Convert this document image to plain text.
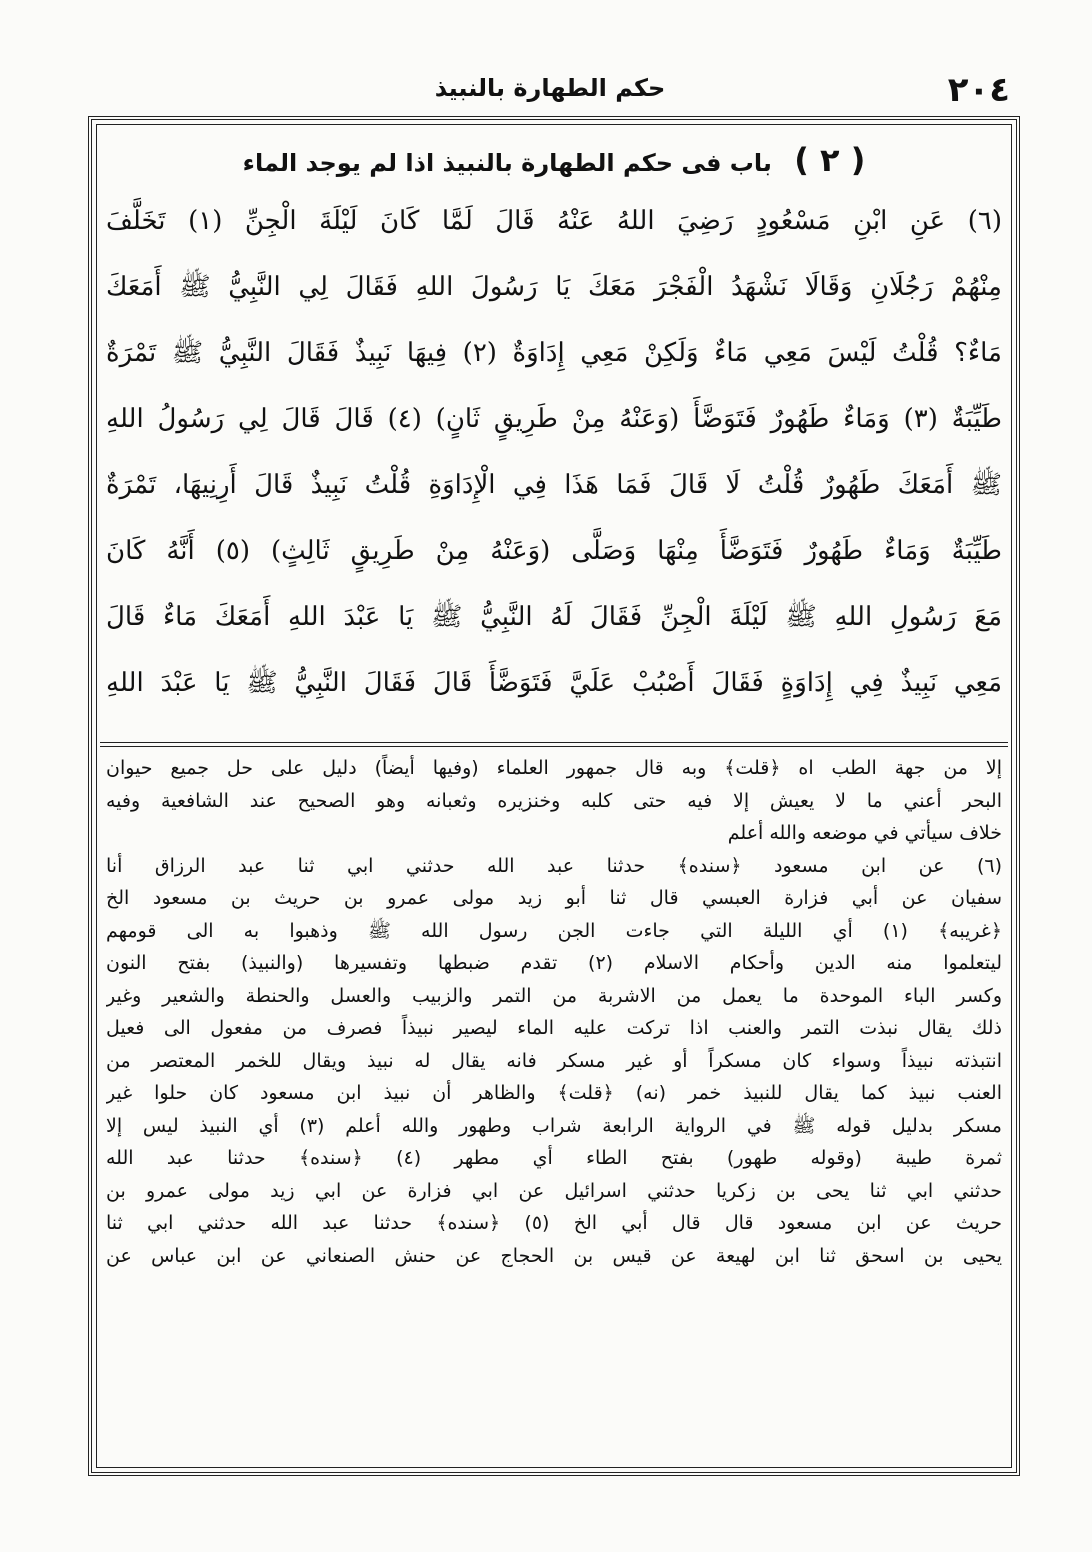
٢٠٤
حكم الطهارة بالنبيذ
( ٢ ) باب فى حكم الطهارة بالنبيذ اذا لم يوجد الماء
(٦) عَنِ ابْنِ مَسْعُودٍ رَضِيَ اللهُ عَنْهُ قَالَ لَمَّا كَانَ لَيْلَةَ الْجِنِّ (١) تَخَلَّفَ
مِنْهُمْ رَجُلَانِ وَقَالَا نَشْهَدُ الْفَجْرَ مَعَكَ يَا رَسُولَ اللهِ فَقَالَ لِي النَّبِيُّ ﷺ أَمَعَكَ
مَاءٌ؟ قُلْتُ لَيْسَ مَعِي مَاءٌ وَلَكِنْ مَعِي إِدَاوَةٌ (٢) فِيهَا نَبِيذٌ فَقَالَ النَّبِيُّ ﷺ تَمْرَةٌ
طَيِّبَةٌ (٣) وَمَاءٌ طَهُورٌ فَتَوَضَّأَ (وَعَنْهُ مِنْ طَرِيقٍ ثَانٍ) (٤) قَالَ قَالَ لِي رَسُولُ اللهِ
ﷺ أَمَعَكَ طَهُورٌ قُلْتُ لَا قَالَ فَمَا هَذَا فِي الْإِدَاوَةِ قُلْتُ نَبِيذٌ قَالَ أَرِنِيهَا، تَمْرَةٌ
طَيِّبَةٌ وَمَاءٌ طَهُورٌ فَتَوَضَّأَ مِنْهَا وَصَلَّى (وَعَنْهُ مِنْ طَرِيقٍ ثَالِثٍ) (٥) أَنَّهُ كَانَ
مَعَ رَسُولِ اللهِ ﷺ لَيْلَةَ الْجِنِّ فَقَالَ لَهُ النَّبِيُّ ﷺ يَا عَبْدَ اللهِ أَمَعَكَ مَاءٌ قَالَ
مَعِي نَبِيذٌ فِي إِدَاوَةٍ فَقَالَ أَصْبُبْ عَلَيَّ فَتَوَضَّأَ قَالَ فَقَالَ النَّبِيُّ ﷺ يَا عَبْدَ اللهِ
إلا من جهة الطب اه ﴿قلت﴾ وبه قال جمهور العلماء (وفيها أيضاً) دليل على حل جميع حيوان
البحر أعني ما لا يعيش إلا فيه حتى كلبه وخنزيره وثعبانه وهو الصحيح عند الشافعية وفيه
خلاف سيأتي في موضعه والله أعلم
(٦) عن ابن مسعود ﴿سنده﴾ حدثنا عبد الله حدثني ابي ثنا عبد الرزاق أنا
سفيان عن أبي فزارة العبسي قال ثنا أبو زيد مولى عمرو بن حريث بن مسعود الخ
﴿غريبه﴾ (١) أي الليلة التي جاءت الجن رسول الله ﷺ وذهبوا به الى قومهم
ليتعلموا منه الدين وأحكام الاسلام (٢) تقدم ضبطها وتفسيرها (والنبيذ) بفتح النون
وكسر الباء الموحدة ما يعمل من الاشربة من التمر والزبيب والعسل والحنطة والشعير وغير
ذلك يقال نبذت التمر والعنب اذا تركت عليه الماء ليصير نبيذاً فصرف من مفعول الى فعيل
انتبذته نبيذاً وسواء كان مسكراً أو غير مسكر فانه يقال له نبيذ ويقال للخمر المعتصر من
العنب نبيذ كما يقال للنبيذ خمر (نه) ﴿قلت﴾ والظاهر أن نبيذ ابن مسعود كان حلوا غير
مسكر بدليل قوله ﷺ في الرواية الرابعة شراب وطهور والله أعلم (٣) أي النبيذ ليس إلا
ثمرة طيبة (وقوله طهور) بفتح الطاء أي مطهر (٤) ﴿سنده﴾ حدثنا عبد الله
حدثني ابي ثنا يحى بن زكريا حدثني اسرائيل عن ابي فزارة عن ابي زيد مولى عمرو بن
حريث عن ابن مسعود قال قال أبي الخ (٥) ﴿سنده﴾ حدثنا عبد الله حدثني ابي ثنا
يحيى بن اسحق ثنا ابن لهيعة عن قيس بن الحجاج عن حنش الصنعاني عن ابن عباس عن
